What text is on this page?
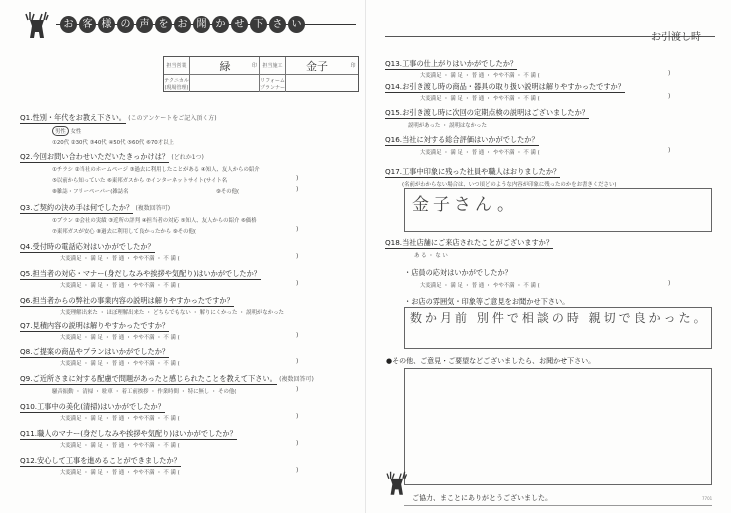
お 客 様 の 声 を お 聞 か せ 下 さ い
お引渡し時
担当営業	緑	印	担当施工	金子	印
テクニカル
(現場管理)
リフォーム
プランナー
Q1.性別・年代をお教え下さい。 (このアンケートをご記入頂く方)
男性 女性
①20代 ②30代 ③40代 ④50代 ⑤60代 ⑥70才以上
Q2.今回お問い合わせいただいたきっかけは？ (どれか1つ)
①チラシ ②当社のホームページ ③過去に利用したことがある ④知人、友人からの紹介
⑤以前から知っていた ⑥東邦ガスから ⑦インターネットサイト(サイト名
⑧雑誌・フリーペーパー(雑誌名	⑨その他(
)
)
Q3.ご契約の決め手は何でしたか？ (複数回答可)
①プラン ②会社の実績 ③近所の評判 ④担当者の対応 ⑤知人、友人からの紹介 ⑥価格
⑦東邦ガスが安心 ⑧過去に利用して良かったから ⑨その他(	)
Q4.受付時の電話応対はいかがでしたか？
大変満足 ・ 満 足 ・ 普 通 ・ やや不満 ・ 不 満 (	)
Q5.担当者の対応・マナー(身だしなみや挨拶や気配り)はいかがでしたか？
大変満足 ・ 満 足 ・ 普 通 ・ やや不満 ・ 不 満 (	)
Q6.担当者からの弊社の事業内容の説明は解りやすかったですか？
大変理解出来た ・ ほぼ理解出来た ・ どちらでもない ・ 解りにくかった ・ 説明がなかった
Q7.見積内容の説明は解りやすかったですか？
大変満足 ・ 満 足 ・ 普 通 ・ やや不満 ・ 不 満 (	)
Q8.ご提案の商品やプランはいかがでしたか？
大変満足 ・ 満 足 ・ 普 通 ・ やや不満 ・ 不 満 (	)
Q9.ご近所さまに対する配慮で問題があったと感じられたことを教えて下さい。 (複数回答可)
騒音振動 ・ 清掃 ・ 駐車 ・ 着工前挨拶 ・ 作業時間 ・ 特に無し ・ その他(	)
Q10.工事中の美化(清掃)はいかがでしたか？
大変満足 ・ 満 足 ・ 普 通 ・ やや不満 ・ 不 満 (	)
Q11.職人のマナー(身だしなみや挨拶や気配り)はいかがでしたか？
大変満足 ・ 満 足 ・ 普 通 ・ やや不満 ・ 不 満 (	)
Q12.安心して工事を進めることができましたか？
大変満足 ・ 満 足 ・ 普 通 ・ やや不満 ・ 不 満 (	)
Q13.工事の仕上がりはいかがでしたか？
大変満足 ・ 満 足 ・ 普 通 ・ やや不満 ・ 不 満 (	)
Q14.お引き渡し時の商品・器具の取り扱い説明は解りやすかったですか？
大変満足 ・ 満 足 ・ 普 通 ・ やや不満 ・ 不 満 (	)
Q15.お引き渡し時に次回の定期点検の説明はございましたか？
説明があった ・ 説明はなかった
Q16.当社に対する総合評価はいかがでしたか？
大変満足 ・ 満 足 ・ 普 通 ・ やや不満 ・ 不 満 (	)
Q17.工事中印象に残った社員や職人はおりましたか？
(名前がわからない場合は、いつ頃どのような内容が印象に残ったのかをお書きください)
金子さん。
Q18.当社店舗にご来店されたことがございますか？
あ る ・ な い
・店員の応対はいかがでしたか？
大変満足 ・ 満 足 ・ 普 通 ・ やや不満 ・ 不 満 (	)
・お店の雰囲気・印象等ご意見をお聞かせ下さい。
数か月前 別件で相談の時 親切で良かった。
●その他、ご意見・ご要望などございましたら、お聞かせ下さい。
ご協力、まことにありがとうございました。	7701
